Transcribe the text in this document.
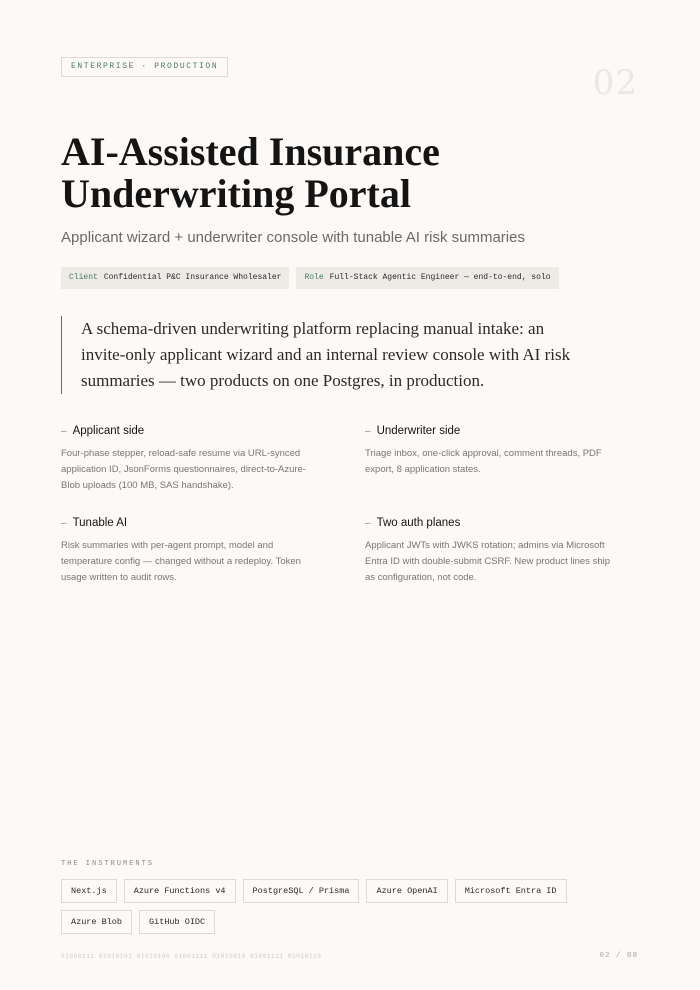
ENTERPRISE · PRODUCTION	02
AI-Assisted Insurance
Underwriting Portal
Applicant wizard + underwriter console with tunable AI risk summaries
Client Confidential P&C Insurance Wholesaler	Role Full-Stack Agentic Engineer — end-to-end, solo
A schema-driven underwriting platform replacing manual intake: an
invite-only applicant wizard and an internal review console with AI risk
summaries — two products on one Postgres, in production.
– Applicant side
Four-phase stepper, reload-safe resume via URL-synced
application ID, JsonForms questionnaires, direct-to-Azure-
Blob uploads (100 MB, SAS handshake).
– Underwriter side
Triage inbox, one-click approval, comment threads, PDF
export, 8 application states.
– Tunable AI
Risk summaries with per-agent prompt, model and
temperature config — changed without a redeploy. Token
usage written to audit rows.
– Two auth planes
Applicant JWTs with JWKS rotation; admins via Microsoft
Entra ID with double-submit CSRF. New product lines ship
as configuration, not code.
THE INSTRUMENTS
Next.js	Azure Functions v4	PostgreSQL / Prisma	Azure OpenAI	Microsoft Entra ID
Azure Blob	GitHub OIDC
01000111 01010101 01010100 01001111 01010010 01001111 01010110	02 / 08
